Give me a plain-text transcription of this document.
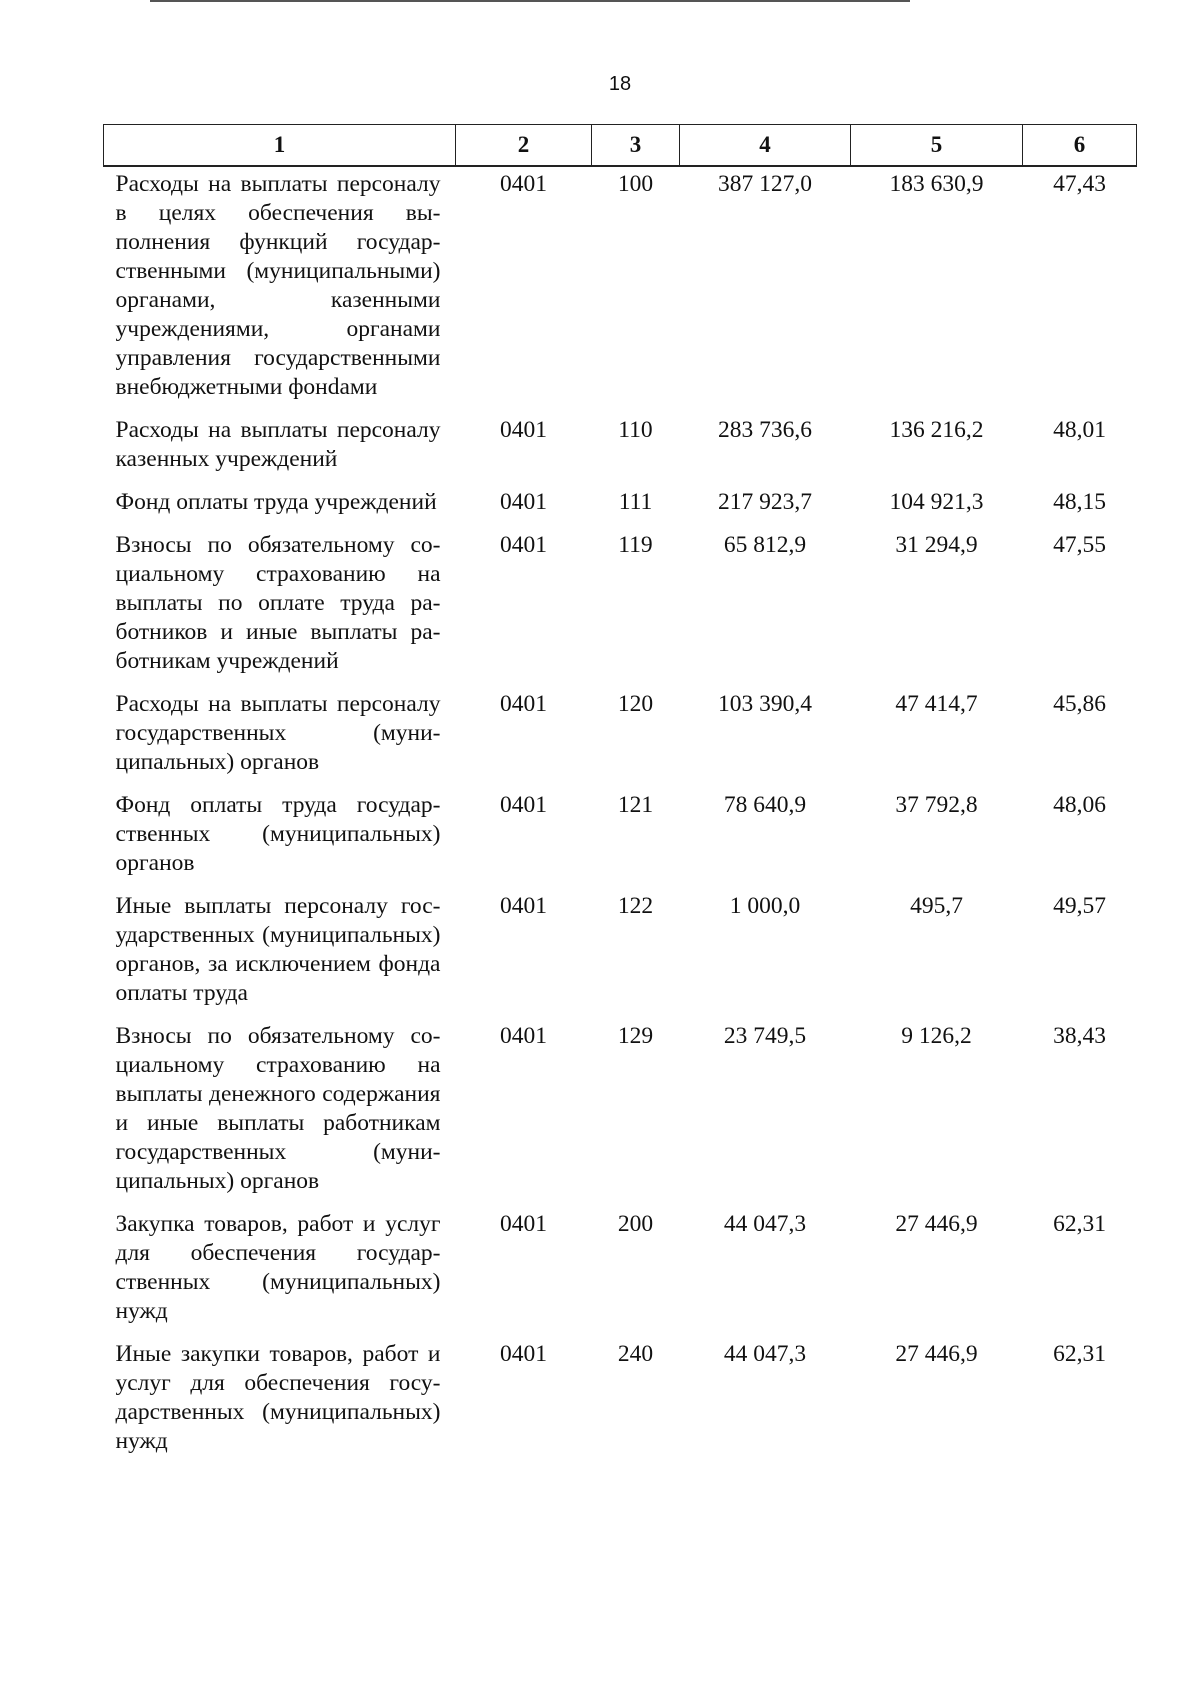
18
1	2	3	4	5	6
Расходы на выплаты персоналу в целях обеспечения выполнения функций государственными (муниципальными) органами, казенными учреждениями, органами управления государственными внебюджетными фонdами	0401	100	387 127,0	183 630,9	47,43
Расходы на выплаты персоналу казенных учреждений	0401	110	283 736,6	136 216,2	48,01
Фонд оплаты труда учреждений	0401	111	217 923,7	104 921,3	48,15
Взносы по обязательному социальному страхованию на выплаты по оплате труда работников и иные выплаты работникам учреждений	0401	119	65 812,9	31 294,9	47,55
Расходы на выплаты персоналу государственных (муниципальных) органов	0401	120	103 390,4	47 414,7	45,86
Фонд оплаты труда государственных (муниципальных) органов	0401	121	78 640,9	37 792,8	48,06
Иные выплаты персоналу государственных (муниципальных) органов, за исключением фонда оплаты труда	0401	122	1 000,0	495,7	49,57
Взносы по обязательному социальному страхованию на выплаты денежного содержания и иные выплаты работникам государственных (муниципальных) органов	0401	129	23 749,5	9 126,2	38,43
Закупка товаров, работ и услуг для обеспечения государственных (муниципальных) нужд	0401	200	44 047,3	27 446,9	62,31
Иные закупки товаров, работ и услуг для обеспечения государственных (муниципальных) нужд	0401	240	44 047,3	27 446,9	62,31
